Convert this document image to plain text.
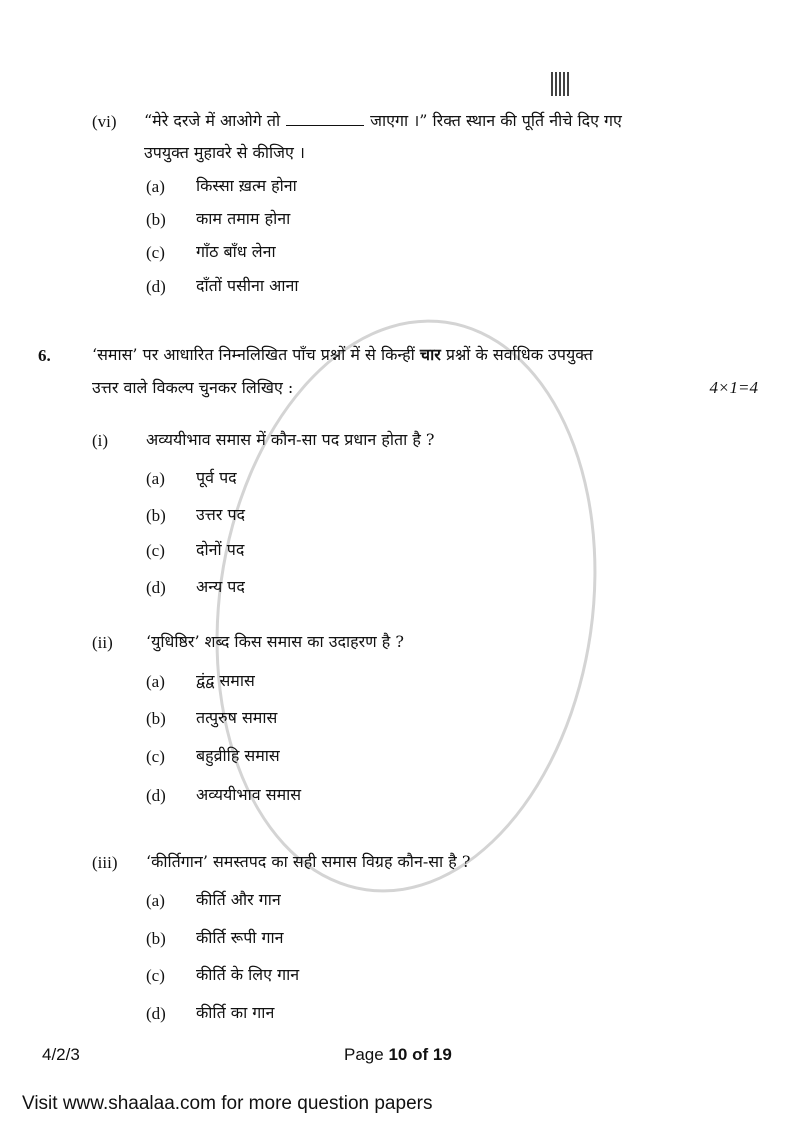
(vi) “मेरे दरजे में आओगे तो	जाएगा ।” रिक्त स्थान की पूर्ति नीचे दिए गए
उपयुक्त मुहावरे से कीजिए ।
(a) किस्सा ख़त्म होना
(b) काम तमाम होना
(c) गाँठ बाँध लेना
(d) दाँतों पसीना आना
6.	‘समास’ पर आधारित निम्नलिखित पाँच प्रश्नों में से किन्हीं चार प्रश्नों के सर्वाधिक उपयुक्त
उत्तर वाले विकल्प चुनकर लिखिए :	4×1=4
(i) अव्ययीभाव समास में कौन-सा पद प्रधान होता है ?
(a) पूर्व पद
(b) उत्तर पद
(c) दोनों पद
(d) अन्य पद
(ii) ‘युधिष्ठिर’ शब्द किस समास का उदाहरण है ?
(a) द्वंद्व समास
(b) तत्पुरुष समास
(c) बहुव्रीहि समास
(d) अव्ययीभाव समास
(iii) ‘कीर्तिगान’ समस्तपद का सही समास विग्रह कौन-सा है ?
(a) कीर्ति और गान
(b) कीर्ति रूपी गान
(c) कीर्ति के लिए गान
(d) कीर्ति का गान
4/2/3	Page 10 of 19
Visit www.shaalaa.com for more question papers
